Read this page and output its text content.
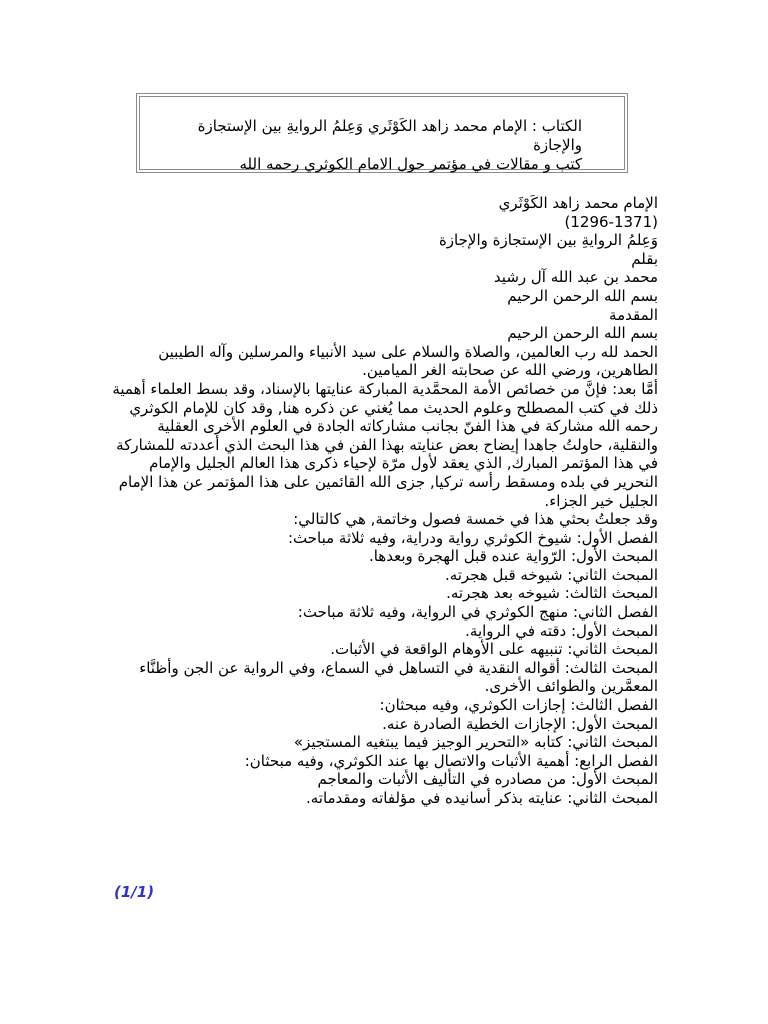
الكتاب : الإمام محمد زاهد الكَوْثَري وَعِلمُ الروايةِ بين الإستجازة والإجازة
كتب و مقالات في مؤتمر حول الامام الكوثري رحمه الله
الإمام محمد زاهد الكَوْثَري
(1296-1371)
وَعِلمُ الروايةِ بين الإستجازة والإجازة
بقلم
محمد بن عبد الله آل رشيد
بسم الله الرحمن الرحيم
المقدمة
بسم الله الرحمن الرحيم
الحمد لله رب العالمين، والصلاة والسلام على سيد الأنبياء والمرسلين وآله الطيبين الطاهرين، ورضي الله عن صحابته الغر الميامين.
أمَّا بعد: فإنَّ من خصائص الأمة المحمَّدية المباركة عنايتها بالإسناد، وقد بسط العلماء أهمية ذلك في كتب المصطلح وعلوم الحديث مما يُغني عن ذكره هنا, وقد كان للإمام الكوثري رحمه الله مشاركة في هذا الفنّ بجانب مشاركاته الجادة في العلوم الأخرى العقلية والنقلية، حاولتُ جاهدا إيضاح بعض عنايته بهذا الفن في هذا البحث الذي أعددته للمشاركة في هذا المؤتمر المبارك, الذي يعقد لأول مرّة لإحياء ذكرى هذا العالم الجليل والإمام النحرير في بلده ومسقط رأسه تركيا, جزى الله القائمين على هذا المؤتمر عن هذا الإمام الجليل خير الجزاء.
وقد جعلتُ بحثي هذا في خمسة فصول وخاتمة, هي كالتالي:
الفصل الأول: شيوخ الكوثري رواية ودراية، وفيه ثلاثة مباحث:
المبحث الأول: الرّواية عنده قبل الهجرة وبعدها.
المبحث الثاني: شيوخه قبل هجرته.
المبحث الثالث: شيوخه بعد هجرته.
الفصل الثاني: منهج الكوثري في الرواية، وفيه ثلاثة مباحث:
المبحث الأول: دقته في الرواية.
المبحث الثاني: تنبيهه على الأوهام الواقعة في الأثبات.
المبحث الثالث: أقواله النقدية في التساهل في السماع، وفي الرواية عن الجن وأظنَّاء المعمَّرين والطوائف الأخرى.
الفصل الثالث: إجازات الكوثري، وفيه مبحثان:
المبحث الأول: الإجازات الخطية الصادرة عنه.
المبحث الثاني: كتابه «التحرير الوجيز فيما يبتغيه المستجيز»
الفصل الرابع: أهمية الأثبات والاتصال بها عند الكوثري، وفيه مبحثان:
المبحث الأول: من مصادره في التأليف الأثبات والمعاجم
المبحث الثاني: عنايته بذكر أسانيده في مؤلفاته ومقدماته.
(1/1)
